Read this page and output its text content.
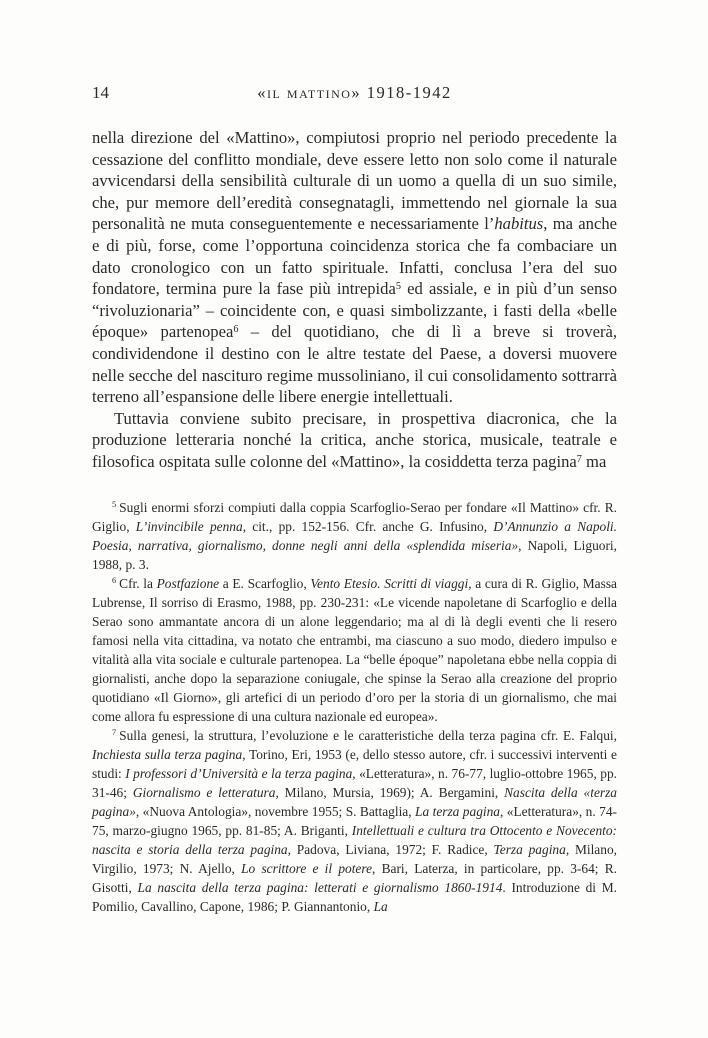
14	«il mattino» 1918-1942

nella direzione del «Mattino», compiutosi proprio nel periodo precedente la cessazione del conflitto mondiale, deve essere letto non solo come il naturale avvicendarsi della sensibilità culturale di un uomo a quella di un suo simile, che, pur memore dell’eredità consegnatagli, immettendo nel giornale la sua personalità ne muta conseguentemente e necessariamente l’habitus, ma anche e di più, forse, come l’opportuna coincidenza storica che fa combaciare un dato cronologico con un fatto spirituale. Infatti, conclusa l’era del suo fondatore, termina pure la fase più intrepida$^5$ ed assiale, e in più d’un senso “rivoluzionaria” – coincidente con, e quasi simbolizzante, i fasti della «belle époque» partenopea$^6$ – del quotidiano, che di lì a breve si troverà, condividendone il destino con le altre testate del Paese, a doversi muovere nelle secche del nascituro regime mussoliniano, il cui consolidamento sottrarrà terreno all’espansione delle libere energie intellettuali.

Tuttavia conviene subito precisare, in prospettiva diacronica, che la produzione letteraria nonché la critica, anche storica, musicale, teatrale e filosofica ospitata sulle colonne del «Mattino», la cosiddetta terza pagina$^7$ ma

$^5$ Sugli enormi sforzi compiuti dalla coppia Scarfoglio-Serao per fondare «Il Mattino» cfr. R. Giglio, L’invincibile penna, cit., pp. 152-156. Cfr. anche G. Infusino, D’Annunzio a Napoli. Poesia, narrativa, giornalismo, donne negli anni della «splendida miseria», Napoli, Liguori, 1988, p. 3.

$^6$ Cfr. la Postfazione a E. Scarfoglio, Vento Etesio. Scritti di viaggi, a cura di R. Giglio, Massa Lubrense, Il sorriso di Erasmo, 1988, pp. 230-231: «Le vicende napoletane di Scarfoglio e della Serao sono ammantate ancora di un alone leggendario; ma al di là degli eventi che li resero famosi nella vita cittadina, va notato che entrambi, ma ciascuno a suo modo, diedero impulso e vitalità alla vita sociale e culturale partenopea. La “belle époque” napoletana ebbe nella coppia di giornalisti, anche dopo la separazione coniugale, che spinse la Serao alla creazione del proprio quotidiano «Il Giorno», gli artefici di un periodo d’oro per la storia di un giornalismo, che mai come allora fu espressione di una cultura nazionale ed europea».

$^7$ Sulla genesi, la struttura, l’evoluzione e le caratteristiche della terza pagina cfr. E. Falqui, Inchiesta sulla terza pagina, Torino, Eri, 1953 (e, dello stesso autore, cfr. i successivi interventi e studi: I professori d’Università e la terza pagina, «Letteratura», n. 76-77, luglio-ottobre 1965, pp. 31-46; Giornalismo e letteratura, Milano, Mursia, 1969); A. Bergamini, Nascita della «terza pagina», «Nuova Antologia», novembre 1955; S. Battaglia, La terza pagina, «Letteratura», n. 74-75, marzo-giugno 1965, pp. 81-85; A. Briganti, Intellettuali e cultura tra Ottocento e Novecento: nascita e storia della terza pagina, Padova, Liviana, 1972; F. Radice, Terza pagina, Milano, Virgilio, 1973; N. Ajello, Lo scrittore e il potere, Bari, Laterza, in particolare, pp. 3-64; R. Gisotti, La nascita della terza pagina: letterati e giornalismo 1860-1914. Introduzione di M. Pomilio, Cavallino, Capone, 1986; P. Giannantonio, La
